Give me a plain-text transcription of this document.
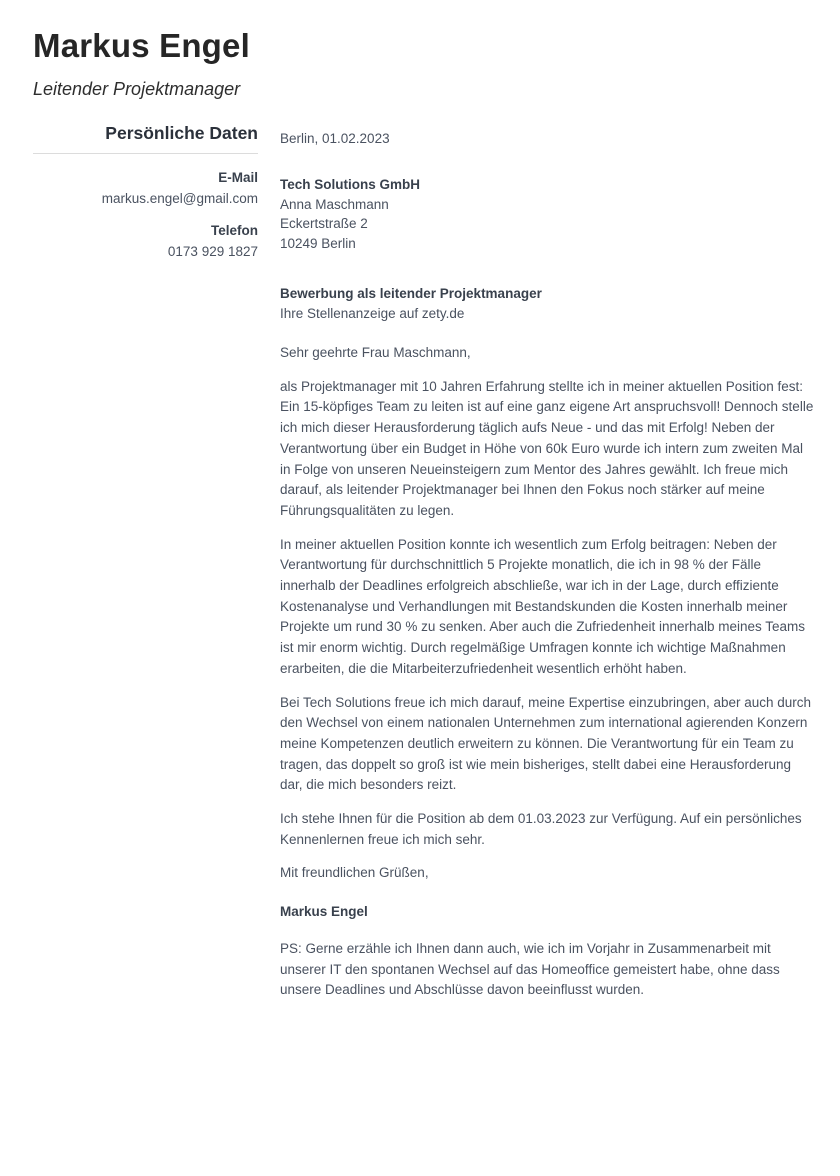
Markus Engel

Leitender Projektmanager

Persönliche Daten

E-Mail

markus.engel@gmail.com

Telefon

0173 929 1827

Berlin, 01.02.2023

Tech Solutions GmbH

Anna Maschmann

Eckertstraße 2

10249 Berlin

Bewerbung als leitender Projektmanager

Ihre Stellenanzeige auf zety.de

Sehr geehrte Frau Maschmann,

als Projektmanager mit 10 Jahren Erfahrung stellte ich in meiner aktuellen Position fest: Ein 15-köpfiges Team zu leiten ist auf eine ganz eigene Art anspruchsvoll! Dennoch stelle ich mich dieser Herausforderung täglich aufs Neue - und das mit Erfolg! Neben der Verantwortung über ein Budget in Höhe von 60k Euro wurde ich intern zum zweiten Mal in Folge von unseren Neueinsteigern zum Mentor des Jahres gewählt. Ich freue mich darauf, als leitender Projektmanager bei Ihnen den Fokus noch stärker auf meine Führungsqualitäten zu legen.

In meiner aktuellen Position konnte ich wesentlich zum Erfolg beitragen: Neben der Verantwortung für durchschnittlich 5 Projekte monatlich, die ich in 98 % der Fälle innerhalb der Deadlines erfolgreich abschließe, war ich in der Lage, durch effiziente Kostenanalyse und Verhandlungen mit Bestandskunden die Kosten innerhalb meiner Projekte um rund 30 % zu senken. Aber auch die Zufriedenheit innerhalb meines Teams ist mir enorm wichtig. Durch regelmäßige Umfragen konnte ich wichtige Maßnahmen erarbeiten, die die Mitarbeiterzufriedenheit wesentlich erhöht haben.

Bei Tech Solutions freue ich mich darauf, meine Expertise einzubringen, aber auch durch den Wechsel von einem nationalen Unternehmen zum international agierenden Konzern meine Kompetenzen deutlich erweitern zu können. Die Verantwortung für ein Team zu tragen, das doppelt so groß ist wie mein bisheriges, stellt dabei eine Herausforderung dar, die mich besonders reizt.

Ich stehe Ihnen für die Position ab dem 01.03.2023 zur Verfügung. Auf ein persönliches Kennenlernen freue ich mich sehr.

Mit freundlichen Grüßen,

Markus Engel

PS: Gerne erzähle ich Ihnen dann auch, wie ich im Vorjahr in Zusammenarbeit mit unserer IT den spontanen Wechsel auf das Homeoffice gemeistert habe, ohne dass unsere Deadlines und Abschlüsse davon beeinflusst wurden.
